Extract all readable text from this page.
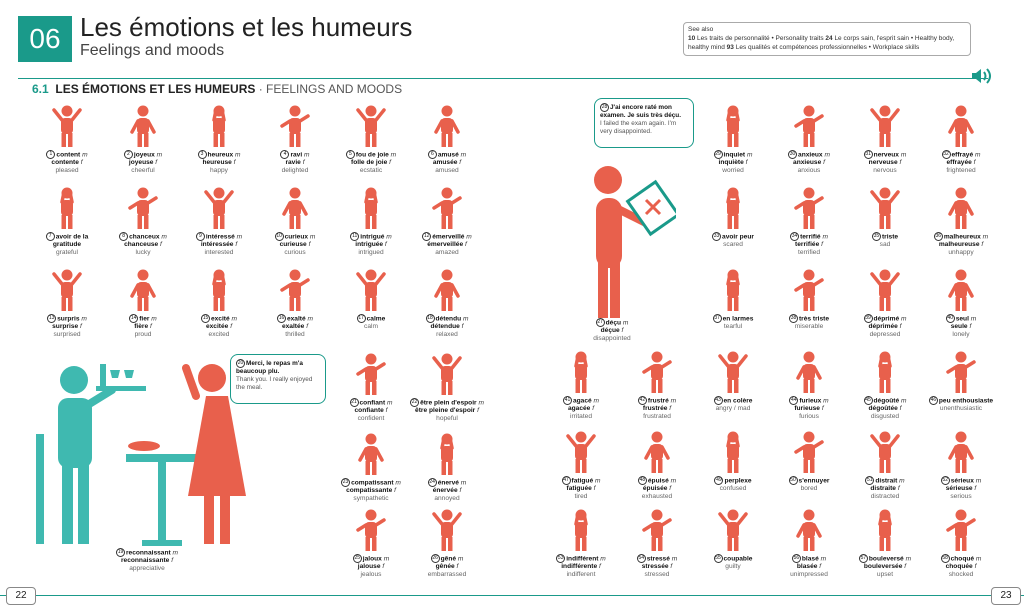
06 Les émotions et les humeurs
Feelings and moods
See also
10 Les traits de personnalité • Personality traits 24 Le corps sain, l'esprit sain • Healthy body,
healthy mind 93 Les qualités et compétences professionnelles • Workplace skills
6.1 LES ÉMOTIONS ET LES HUMEURS · FEELINGS AND MOODS
1 content m
contente f
pleased
2 joyeux m
joyeuse f
cheerful
3 heureux m
heureuse f
happy
4 ravi m
ravie f
delighted
5 fou de joie m
folle de joie f
ecstatic
6 amusé m
amusée f
amused
7 avoir de la
gratitude
grateful
8 chanceux m
chanceuse f
lucky
9 intéressé m
intéressée f
interested
10 curieux m
curieuse f
curious
11 intrigué m
intriguée f
intrigued
12 émerveillé m
émerveillée f
amazed
13 surpris m
surprise f
surprised
14 fier m
fière f
proud
15 excité m
excitée f
excited
16 exalté m
exaltée f
thrilled
17 calme
calm
18 détendu m
détendue f
relaxed
19 reconnaissant m
reconnaissante f
appreciative
21 confiant m
confiante f
confident
22 être plein d'espoir m
être pleine d'espoir f
hopeful
23 compatissant m
compatissante f
sympathetic
24 énervé m
énervée f
annoyed
25 jaloux m
jalouse f
jealous
26 gêné m
gênée f
embarrassed
27 déçu m
déçue f
disappointed
29 inquiet m
inquiète f
worried
30 anxieux m
anxieuse f
anxious
31 nerveux m
nerveuse f
nervous
32 effrayé m
effrayée f
frightened
33 avoir peur
scared
34 terrifié m
terrifiée f
terrified
35 triste
sad
36 malheureux m
malheureuse f
unhappy
37 en larmes
tearful
38 très triste
miserable
39 déprimé m
déprimée f
depressed
40 seul m
seule f
lonely
41 agacé m
agacée f
irritated
42 frustré m
frustrée f
frustrated
43 en colère
angry / mad
44 furieux m
furieuse f
furious
45 dégoûté m
dégoûtée f
disgusted
46 peu enthousiaste
unenthusiastic
47 fatigué m
fatiguée f
tired
48 épuisé m
épuisée f
exhausted
49 perplexe
confused
50 s'ennuyer
bored
51 distrait m
distraite f
distracted
52 sérieux m
sérieuse f
serious
53 indifférent m
indifférente f
indifferent
54 stressé m
stressée f
stressed
55 coupable
guilty
56 blasé m
blasée f
unimpressed
57 bouleversé m
bouleversée f
upset
58 choqué m
choquée f
shocked
28 J'ai encore raté mon examen. Je suis très déçu.
I failed the exam again. I'm very disappointed.
20 Merci, le repas m'a beaucoup plu.
Thank you. I really enjoyed the meal.
22	23
